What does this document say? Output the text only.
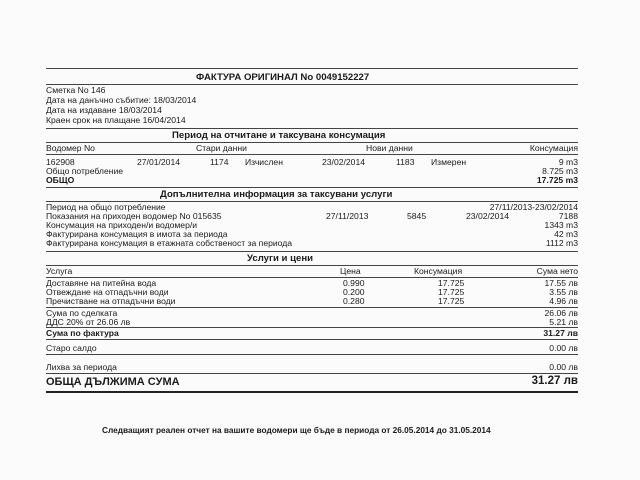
ФАКТУРА ОРИГИНАЛ No 0049152227
Сметка No 146
Дата на данъчно събитие: 18/03/2014
Дата на издаване 18/03/2014
Краен срок на плащане 16/04/2014
Период на отчитане и таксувана консумация
Водомер No	Стари данни	Нови данни	Консумация
162908	27/01/2014	1174 Изчислен	23/02/2014	1183 Измерен	9 m3
Общо потребление	8.725 m3
ОБЩО	17.725 m3
Допълнителна информация за таксувани услуги
Период на общо потребление	27/11/2013-23/02/2014
Показания на приходен водомер No 015635	27/11/2013	5845	23/02/2014	7188
Консумация на приходен/и водомер/и	1343 m3
Фактурирана консумация в имота за периода	42 m3
Фактурирана консумация в етажната собственост за периода	1112 m3
Услуги и цени
Услуга	Цена	Консумация	Сума нето
Доставяне на питейна вода	0.990	17.725	17.55 лв
Отвеждане на отпадъчни води	0.200	17.725	3.55 лв
Пречистване на отпадъчни води	0.280	17.725	4.96 лв
Сума по сделката	26.06 лв
ДДС 20% от 26.06 лв	5.21 лв
Сума по фактура	31.27 лв
Старо салдо	0.00 лв
Лихва за периода	0.00 лв
ОБЩА ДЪЛЖИМА СУМА	31.27 лв
Следващият реален отчет на вашите водомери ще бъде в периода от 26.05.2014 до 31.05.2014
